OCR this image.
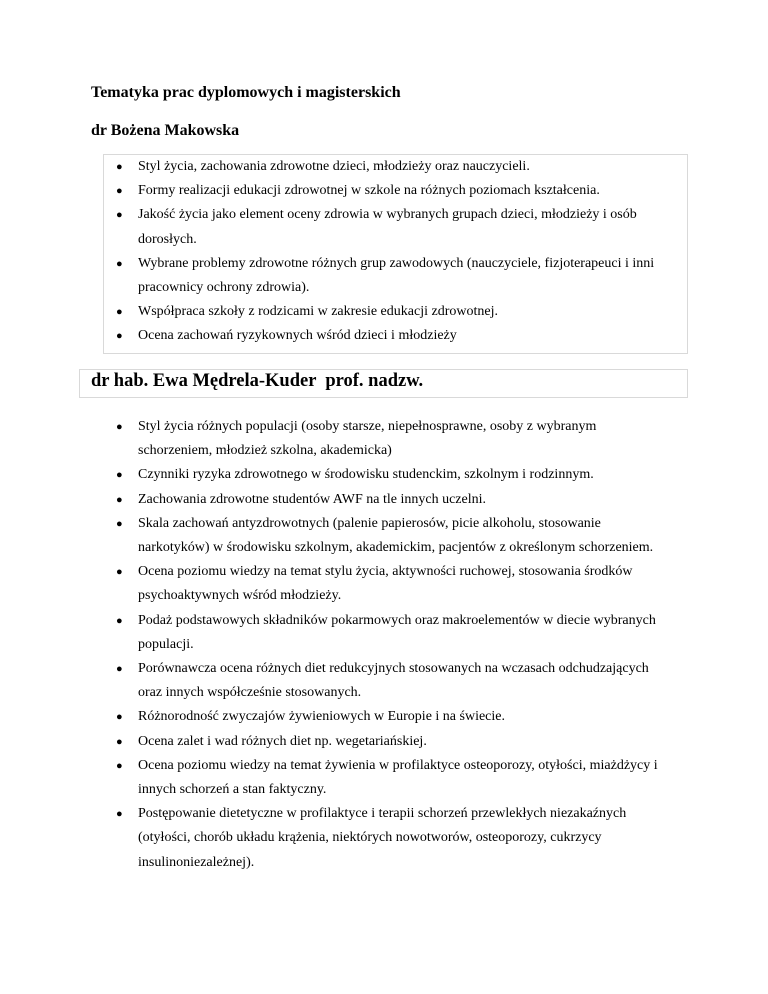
Tematyka prac dyplomowych i magisterskich
dr Bożena Makowska
● Styl życia, zachowania zdrowotne dzieci, młodzieży oraz nauczycieli.
● Formy realizacji edukacji zdrowotnej w szkole na różnych poziomach kształcenia.
● Jakość życia jako element oceny zdrowia w wybranych grupach dzieci, młodzieży i osób dorosłych.
● Wybrane problemy zdrowotne różnych grup zawodowych (nauczyciele, fizjoterapeuci i inni pracownicy ochrony zdrowia).
● Współpraca szkoły z rodzicami w zakresie edukacji zdrowotnej.
● Ocena zachowań ryzykownych wśród dzieci i młodzieży
dr hab. Ewa Mędrela-Kuder  prof. nadzw.
● Styl życia różnych populacji (osoby starsze, niepełnosprawne, osoby z wybranym schorzeniem, młodzież szkolna, akademicka)
● Czynniki ryzyka zdrowotnego w środowisku studenckim, szkolnym i rodzinnym.
● Zachowania zdrowotne studentów AWF na tle innych uczelni.
● Skala zachowań antyzdrowotnych (palenie papierosów, picie alkoholu, stosowanie narkotyków) w środowisku szkolnym, akademickim, pacjentów z określonym schorzeniem.
● Ocena poziomu wiedzy na temat stylu życia, aktywności ruchowej, stosowania środków psychoaktywnych wśród młodzieży.
● Podaż podstawowych składników pokarmowych oraz makroelementów w diecie wybranych populacji.
● Porównawcza ocena różnych diet redukcyjnych stosowanych na wczasach odchudzających oraz innych współcześnie stosowanych.
● Różnorodność zwyczajów żywieniowych w Europie i na świecie.
● Ocena zalet i wad różnych diet np. wegetariańskiej.
● Ocena poziomu wiedzy na temat żywienia w profilaktyce osteoporozy, otyłości, miażdżycy i innych schorzeń a stan faktyczny.
● Postępowanie dietetyczne w profilaktyce i terapii schorzeń przewlekłych niezakaźnych (otyłości, chorób układu krążenia, niektórych nowotworów, osteoporozy, cukrzycy insulinoniezależnej).
